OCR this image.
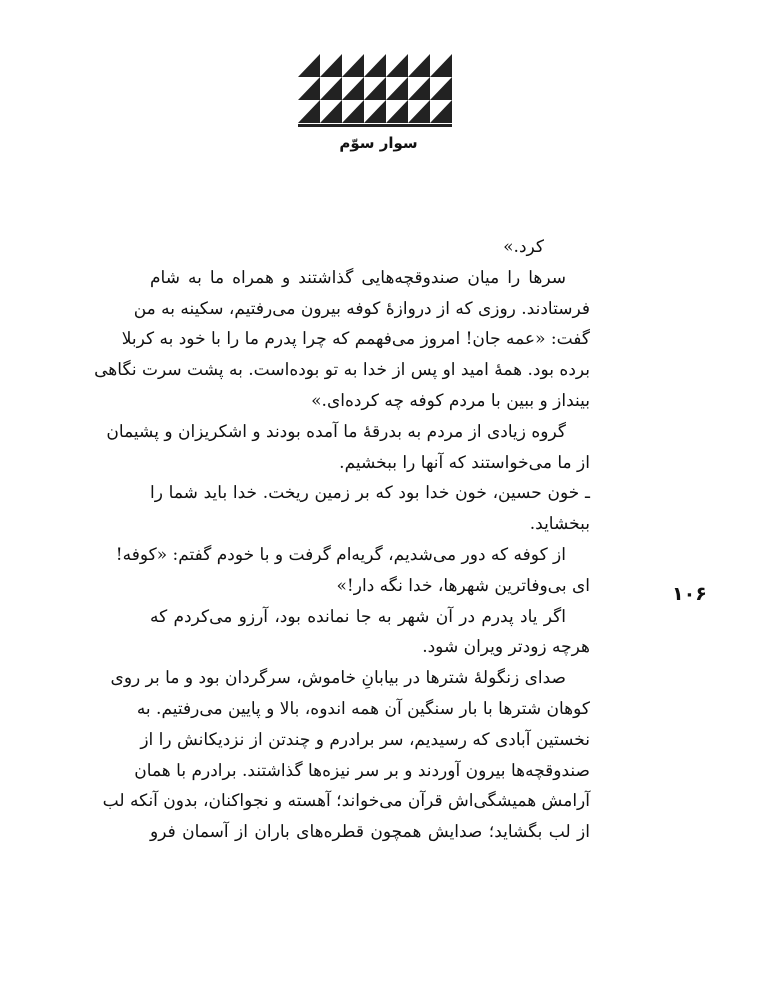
سوار سوّم
۱۰۶
کرد.»
سرها را میان صندوقچه‌هایی گذاشتند و همراه ما به شام
فرستادند. روزی که از دروازهٔ کوفه بیرون می‌رفتیم، سکینه به من
گفت: «عمه جان! امروز می‌فهمم که چرا پدرم ما را با خود به کربلا
برده بود. همهٔ امید او پس از خدا به تو بوده‌است. به پشت سرت نگاهی
بینداز و ببین با مردم کوفه چه کرده‌ای.»
گروه زیادی از مردم به بدرقهٔ ما آمده بودند و اشکریزان و پشیمان
از ما می‌خواستند که آنها را ببخشیم.
ـ خون حسین، خون خدا بود که بر زمین ریخت. خدا باید شما را
ببخشاید.
از کوفه که دور می‌شدیم، گریه‌ام گرفت و با خودم گفتم: «کوفه!
ای بی‌وفاترین شهرها، خدا نگه دار!»
اگر یاد پدرم در آن شهر به جا نمانده بود، آرزو می‌کردم که
هرچه زودتر ویران شود.
صدای زنگولهٔ شترها در بیابانِ خاموش، سرگردان بود و ما بر روی
کوهان شترها با بار سنگین آن همه اندوه، بالا و پایین می‌رفتیم. به
نخستین آبادی که رسیدیم، سر برادرم و چندتن از نزدیکانش را از
صندوقچه‌ها بیرون آوردند و بر سر نیزه‌ها گذاشتند. برادرم با همان
آرامش همیشگی‌اش قرآن می‌خواند؛ آهسته و نجواکنان، بدون آنکه لب
از لب بگشاید؛ صدایش همچون قطره‌های باران از آسمان فرو
